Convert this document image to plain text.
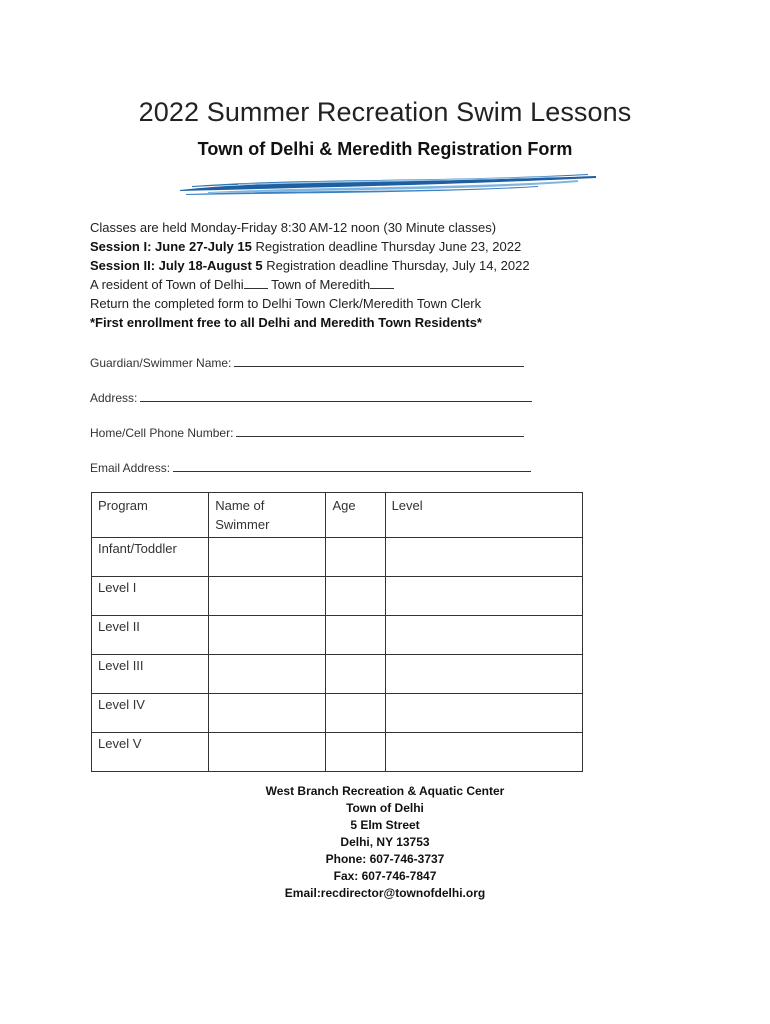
2022 Summer Recreation Swim Lessons
Town of Delhi & Meredith Registration Form
Classes are held Monday-Friday 8:30 AM-12 noon (30 Minute classes)
Session I: June 27-July 15 Registration deadline Thursday June 23, 2022
Session II: July 18-August 5 Registration deadline Thursday, July 14, 2022
A resident of Town of Delhi Town of Meredith
Return the completed form to Delhi Town Clerk/Meredith Town Clerk
*First enrollment free to all Delhi and Meredith Town Residents*
Guardian/Swimmer Name:
Address:
Home/Cell Phone Number:
Email Address:
Program	Name of Swimmer	Age	Level
Infant/Toddler			
Level I			
Level II			
Level III			
Level IV			
Level V			
West Branch Recreation & Aquatic Center
Town of Delhi
5 Elm Street
Delhi, NY 13753
Phone: 607-746-3737
Fax: 607-746-7847
Email:recdirector@townofdelhi.org
